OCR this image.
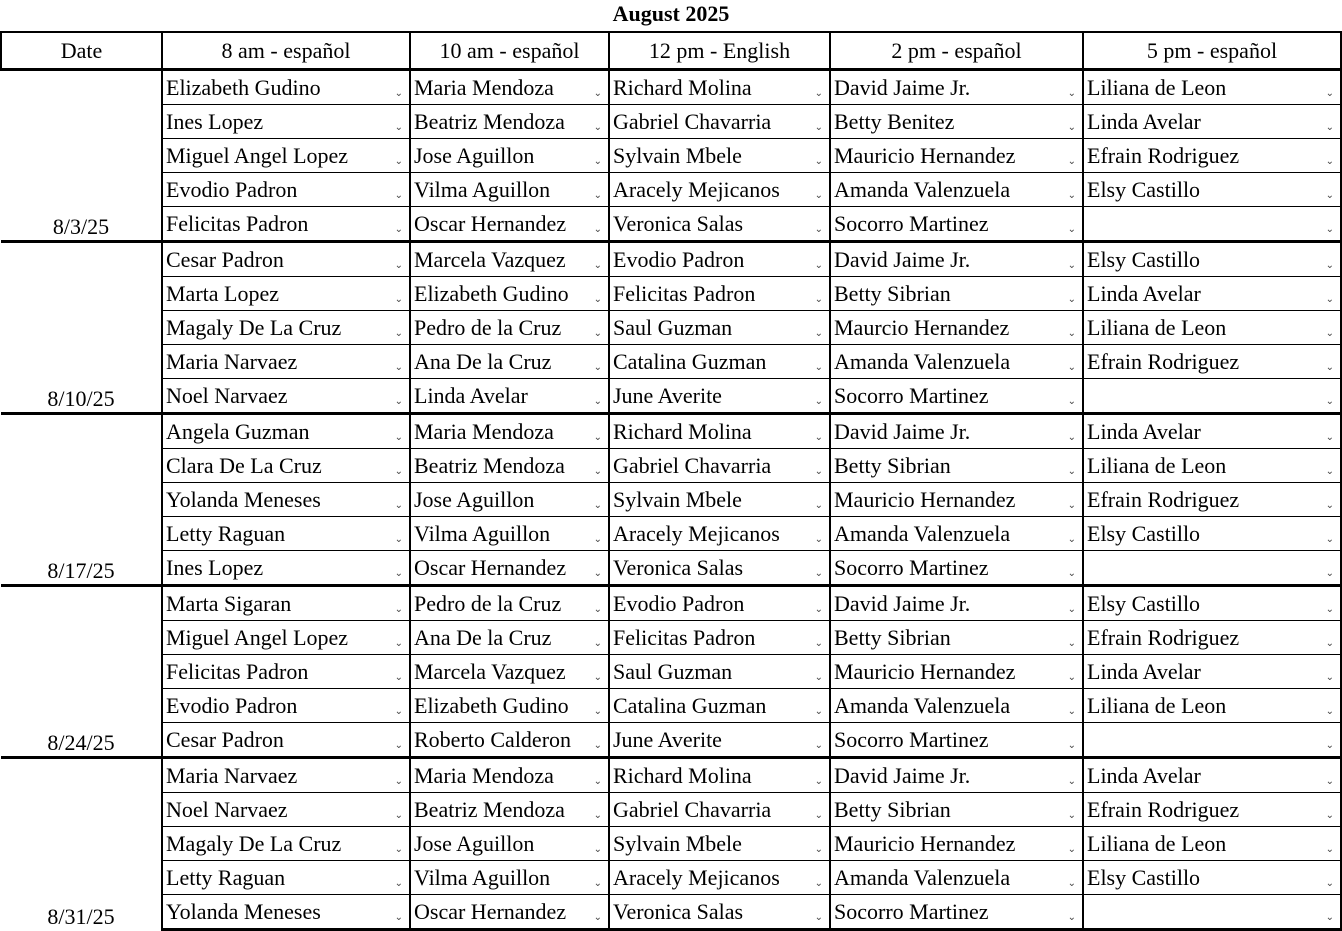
August 2025
Date	8 am - español	10 am - español	12 pm - English	2 pm - español	5 pm - español
8/3/25	Elizabeth Gudino ⌄	Maria Mendoza ⌄	Richard Molina ⌄	David Jaime Jr. ⌄	Liliana de Leon ⌄

	Ines Lopez ⌄	Beatriz Mendoza ⌄	Gabriel Chavarria ⌄	Betty Benitez ⌄	Linda Avelar ⌄

	Miguel Angel Lopez ⌄	Jose Aguillon ⌄	Sylvain Mbele ⌄	Mauricio Hernandez ⌄	Efrain Rodriguez ⌄

	Evodio Padron ⌄	Vilma Aguillon ⌄	Aracely Mejicanos ⌄	Amanda Valenzuela ⌄	Elsy Castillo ⌄

	Felicitas Padron ⌄	Oscar Hernandez ⌄	Veronica Salas ⌄	Socorro Martinez ⌄	⌄

8/10/25	Cesar Padron ⌄	Marcela Vazquez ⌄	Evodio Padron ⌄	David Jaime Jr. ⌄	Elsy Castillo ⌄

	Marta Lopez ⌄	Elizabeth Gudino ⌄	Felicitas Padron ⌄	Betty Sibrian ⌄	Linda Avelar ⌄

	Magaly De La Cruz ⌄	Pedro de la Cruz ⌄	Saul Guzman ⌄	Maurcio Hernandez ⌄	Liliana de Leon ⌄

	Maria Narvaez ⌄	Ana De la Cruz ⌄	Catalina Guzman ⌄	Amanda Valenzuela ⌄	Efrain Rodriguez ⌄

	Noel Narvaez ⌄	Linda Avelar ⌄	June Averite ⌄	Socorro Martinez ⌄	⌄

8/17/25	Angela Guzman ⌄	Maria Mendoza ⌄	Richard Molina ⌄	David Jaime Jr. ⌄	Linda Avelar ⌄

	Clara De La Cruz ⌄	Beatriz Mendoza ⌄	Gabriel Chavarria ⌄	Betty Sibrian ⌄	Liliana de Leon ⌄

	Yolanda Meneses ⌄	Jose Aguillon ⌄	Sylvain Mbele ⌄	Mauricio Hernandez ⌄	Efrain Rodriguez ⌄

	Letty Raguan ⌄	Vilma Aguillon ⌄	Aracely Mejicanos ⌄	Amanda Valenzuela ⌄	Elsy Castillo ⌄

	Ines Lopez ⌄	Oscar Hernandez ⌄	Veronica Salas ⌄	Socorro Martinez ⌄	⌄

8/24/25	Marta Sigaran ⌄	Pedro de la Cruz ⌄	Evodio Padron ⌄	David Jaime Jr. ⌄	Elsy Castillo ⌄

	Miguel Angel Lopez ⌄	Ana De la Cruz ⌄	Felicitas Padron ⌄	Betty Sibrian ⌄	Efrain Rodriguez ⌄

	Felicitas Padron ⌄	Marcela Vazquez ⌄	Saul Guzman ⌄	Mauricio Hernandez ⌄	Linda Avelar ⌄

	Evodio Padron ⌄	Elizabeth Gudino ⌄	Catalina Guzman ⌄	Amanda Valenzuela ⌄	Liliana de Leon ⌄

	Cesar Padron ⌄	Roberto Calderon ⌄	June Averite ⌄	Socorro Martinez ⌄	⌄

8/31/25	Maria Narvaez ⌄	Maria Mendoza ⌄	Richard Molina ⌄	David Jaime Jr. ⌄	Linda Avelar ⌄

	Noel Narvaez ⌄	Beatriz Mendoza ⌄	Gabriel Chavarria ⌄	Betty Sibrian ⌄	Efrain Rodriguez ⌄

	Magaly De La Cruz ⌄	Jose Aguillon ⌄	Sylvain Mbele ⌄	Mauricio Hernandez ⌄	Liliana de Leon ⌄

	Letty Raguan ⌄	Vilma Aguillon ⌄	Aracely Mejicanos ⌄	Amanda Valenzuela ⌄	Elsy Castillo ⌄

	Yolanda Meneses ⌄	Oscar Hernandez ⌄	Veronica Salas ⌄	Socorro Martinez ⌄	⌄
